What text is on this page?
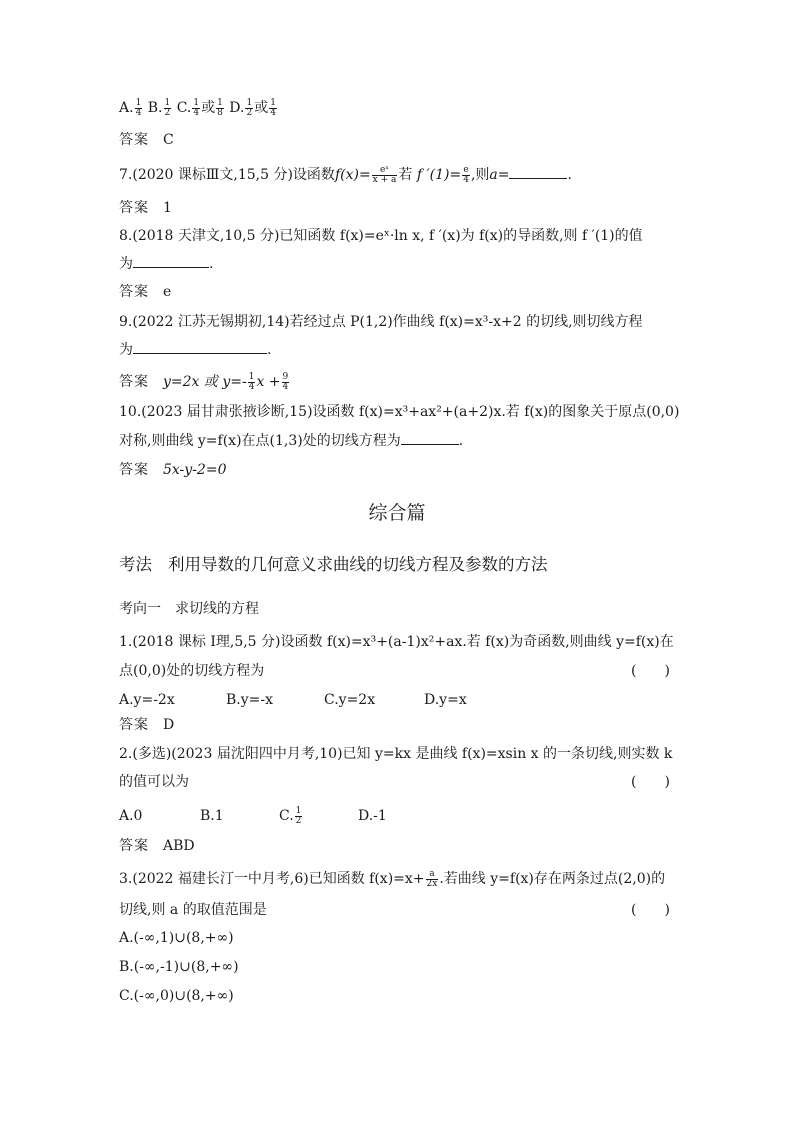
A. $\frac{1}{4} B$. $\frac{1}{2} C$. $\frac{1}{4}$ 或 $\frac{1}{8} D$. $\frac{1}{2}$ 或 $\frac{1}{4}$
答案 C
7.(2020 课标Ⅲ文,15,5 分)设函数$f(x)= \frac{\text{eˣ}}{x + a}$ 若 f $'(1)= \frac{e}{4}$ ,则a=	.
答案 1
8.(2018 天津文,10,5 分)已知函数 f(x)=eˣ·ln x, f ′(x)为 f(x)的导函数,则 f ′(1)的值
为	.
答案 e
9.(2022 江苏无锡期初,14)若经过点 P(1,2)作曲线 f(x)=x³-x+2 的切线,则切线方程
为	.
答案 y=2x 或 $y=- \frac{1}{4}$ $x + \frac{9}{4}$
10.(2023 届甘肃张掖诊断,15)设函数 f(x)=x³+ax²+(a+2)x.若 f(x)的图象关于原点(0,0)
对称,则曲线 y=f(x)在点(1,3)处的切线方程为	.
答案 5x-y-2=0
综合篇
考法 利用导数的几何意义求曲线的切线方程及参数的方法
考向一 求切线的方程
1.(2018 课标 Ⅰ理,5,5 分)设函数 f(x)=x³+(a-1)x²+ax.若 f(x)为奇函数,则曲线 y=f(x)在
点(0,0)处的切线方程为	(　　)
A.y=-2x	B.y=-x	C.y=2x	D.y=x
答案 D
2.(多选)(2023 届沈阳四中月考,10)已知 y=kx 是曲线 f(x)=xsin x 的一条切线,则实数 k
的值可以为	(　　)
A.0	B.1	C. $\frac{1}{2}$	D.-1
答案 ABD
3.(2022 福建长汀一中月考,6)已知函数 $f(x)=x+ \frac{a}{2x}$ .若曲线 y=f(x)存在两条过点(2,0)的
切线,则 a 的取值范围是	(　　)
A.(-∞,1)∪(8,+∞)
B.(-∞,-1)∪(8,+∞)
C.(-∞,0)∪(8,+∞)
